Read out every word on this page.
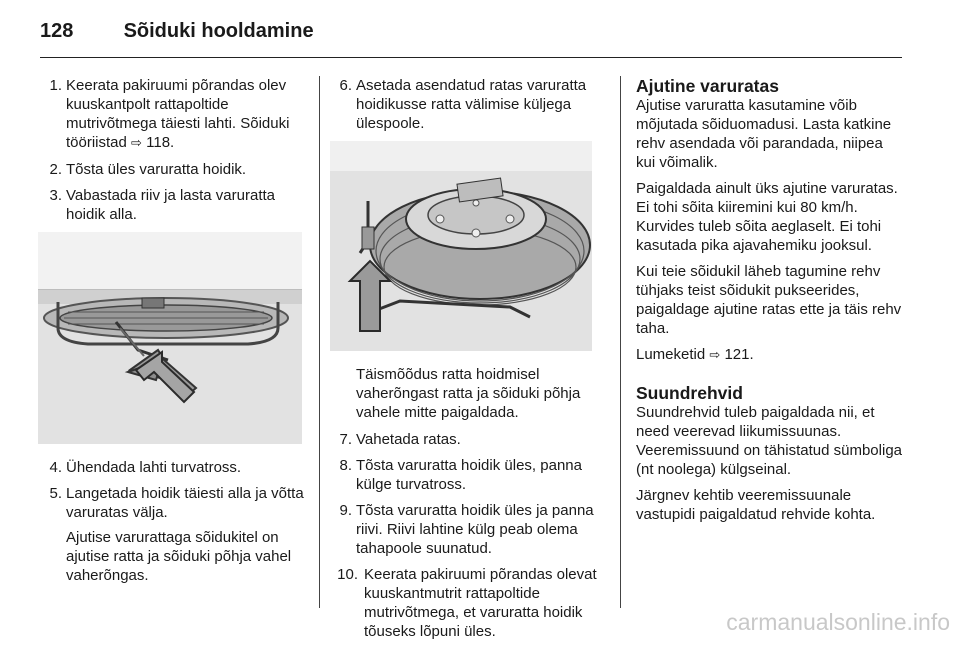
128	Sõiduki hooldamine
1. Keerata pakiruumi põrandas olev kuuskantpolt rattapoltide mutrivõtmega täiesti lahti. Sõiduki tööriistad ⇨ 118.
2. Tõsta üles varuratta hoidik.
3. Vabastada riiv ja lasta varuratta hoidik alla.
4. Ühendada lahti turvatross.
5. Langetada hoidik täiesti alla ja võtta varuratas välja.

Ajutise varurattaga sõidukitel on ajutise ratta ja sõiduki põhja vahel vaherõngas.

6. Asetada asendatud ratas varuratta hoidikusse ratta välimise küljega ülespoole.

Täismõõdus ratta hoidmisel vaherõngast ratta ja sõiduki põhja vahele mitte paigaldada.

7. Vahetada ratas.
8. Tõsta varuratta hoidik üles, panna külge turvatross.
9. Tõsta varuratta hoidik üles ja panna riivi. Riivi lahtine külg peab olema tahapoole suunatud.
10. Keerata pakiruumi põrandas olevat kuuskantmutrit rattapoltide mutrivõtmega, et varuratta hoidik tõuseks lõpuni üles.
Ajutine varuratas

Ajutise varuratta kasutamine võib mõjutada sõiduomadusi. Lasta katkine rehv asendada või parandada, niipea kui võimalik.

Paigaldada ainult üks ajutine varuratas. Ei tohi sõita kiiremini kui 80 km/h. Kurvides tuleb sõita aeglaselt. Ei tohi kasutada pika ajavahemiku jooksul.

Kui teie sõidukil läheb tagumine rehv tühjaks teist sõidukit pukseerides, paigaldage ajutine ratas ette ja täis rehv taha.

Lumeketid ⇨ 121.

Suundrehvid

Suundrehvid tuleb paigaldada nii, et need veerevad liikumissuunas. Veeremissuund on tähistatud sümboliga (nt noolega) külgseinal.

Järgnev kehtib veeremissuunale vastupidi paigaldatud rehvide kohta.

carmanualsonline.info
